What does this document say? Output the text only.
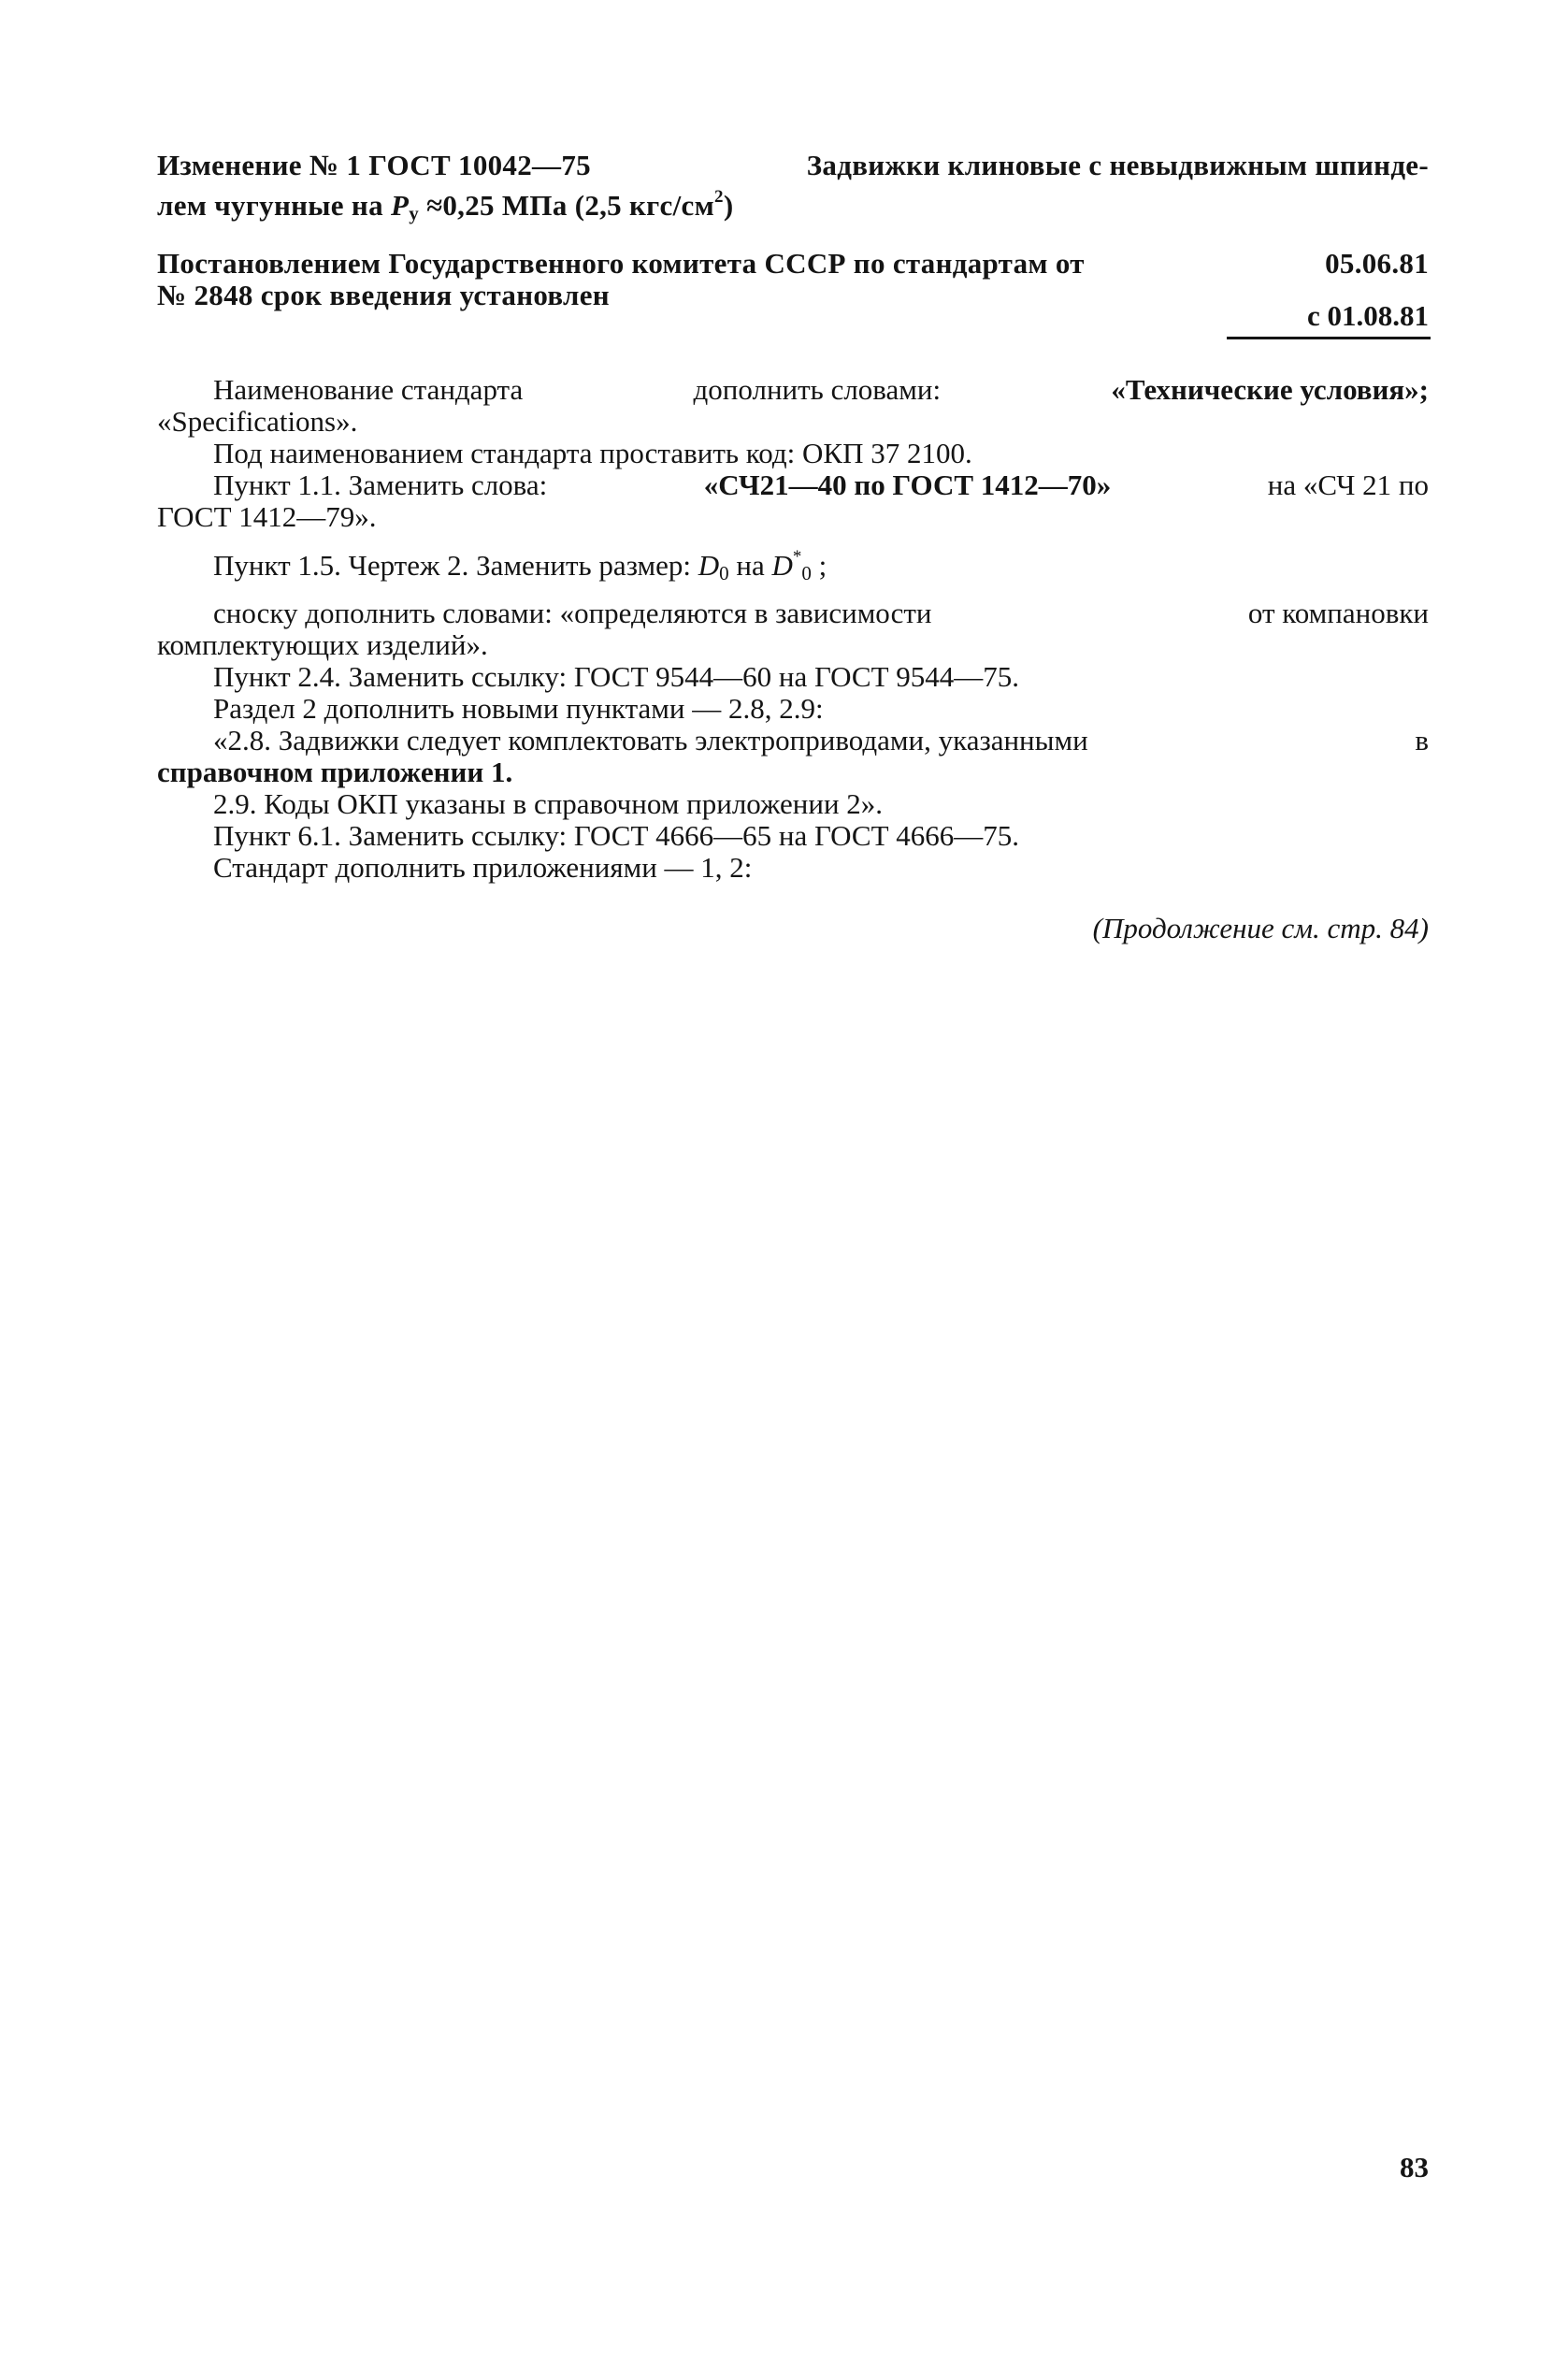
Изменение № 1 ГОСТ 10042—75	Задвижки клиновые с невыдвижным шпинде-
лем чугунные на $P_у \approx 0,25$ МПа (2,5 кгс/$см^2$)
Постановлением Государственного комитета СССР по стандартам от	05.06.81
№ 2848 срок введения установлен
с 01.08.81
Наименование стандарта	дополнить словами:	«Технические условия»;
«Specifications».
Под наименованием стандарта проставить код: ОКП 37 2100.
Пункт 1.1. Заменить слова:	«СЧ21—40 по ГОСТ 1412—70»	на «СЧ 21 по
ГОСТ 1412—79».
Пункт 1.5. Чертеж 2. Заменить размер: $D_0$ на $D^*_0$ ;
сноску дополнить словами: «определяются в зависимости	от компановки
комплектующих изделий».
Пункт 2.4. Заменить ссылку: ГОСТ 9544—60 на ГОСТ 9544—75.
Раздел 2 дополнить новыми пунктами — 2.8, 2.9:
«2.8. Задвижки следует комплектовать электроприводами, указанными	в
справочном приложении 1.
2.9. Коды ОКП указаны в справочном приложении 2».
Пункт 6.1. Заменить ссылку: ГОСТ 4666—65 на ГОСТ 4666—75.
Стандарт дополнить приложениями — 1, 2:
(Продолжение см. стр. 84)
83
